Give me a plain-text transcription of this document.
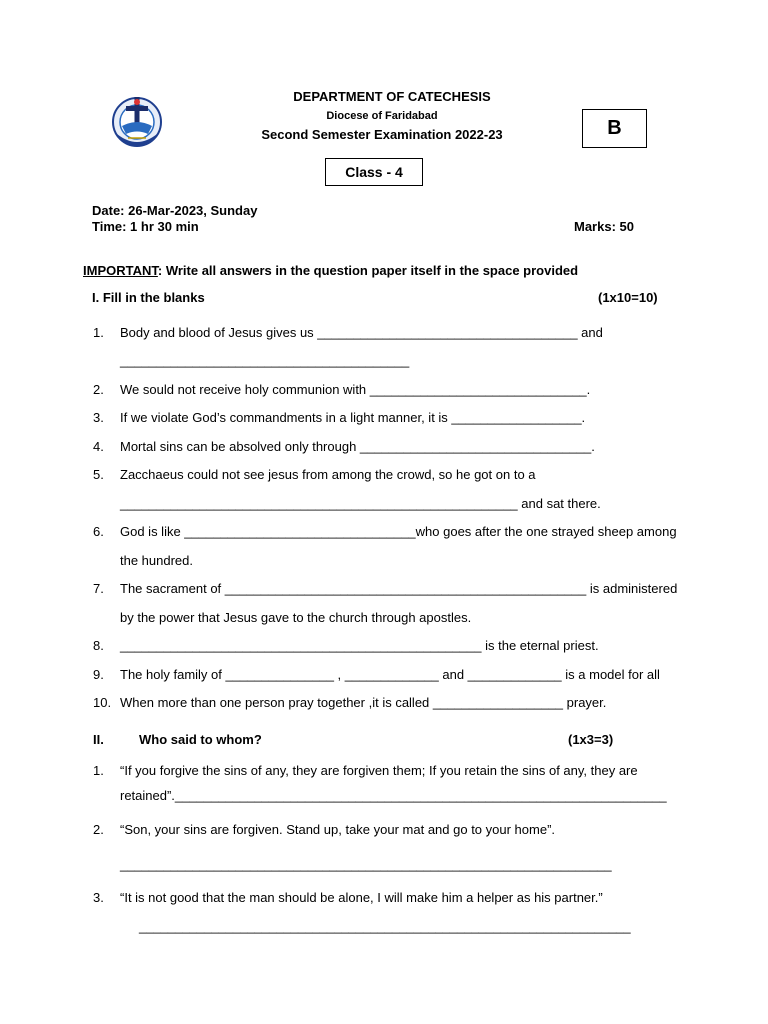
DEPARTMENT OF CATECHESIS
Diocese of Faridabad
Second Semester Examination 2022-23	B
Class - 4
Date: 26-Mar-2023, Sunday
Time: 1 hr 30 min	Marks: 50
IMPORTANT: Write all answers in the question paper itself in the space provided
I. Fill in the blanks	(1x10=10)
1. Body and blood of Jesus gives us ____________________________________ and
________________________________________
2. We sould not receive holy communion with ______________________________.
3. If we violate God’s commandments in a light manner, it is __________________.
4. Mortal sins can be absolved only through ________________________________.
5. Zacchaeus could not see jesus from among the crowd, so he got on to a
_______________________________________________________ and sat there.
6. God is like ________________________________who goes after the one strayed sheep among
the hundred.
7. The sacrament of __________________________________________________ is administered
by the power that Jesus gave to the church through apostles.
8. __________________________________________________ is the eternal priest.
9. The holy family of _______________ , _____________ and _____________ is a model for all
10. When more than one person pray together ,it is called __________________ prayer.
II.	Who said to whom?	(1x3=3)
1. “If you forgive the sins of any, they are forgiven them; If you retain the sins of any, they are
retained”.____________________________________________________________________
2. “Son, your sins are forgiven. Stand up, take your mat and go to your home”.
____________________________________________________________________
3. “It is not good that the man should be alone, I will make him a helper as his partner.”
____________________________________________________________________
